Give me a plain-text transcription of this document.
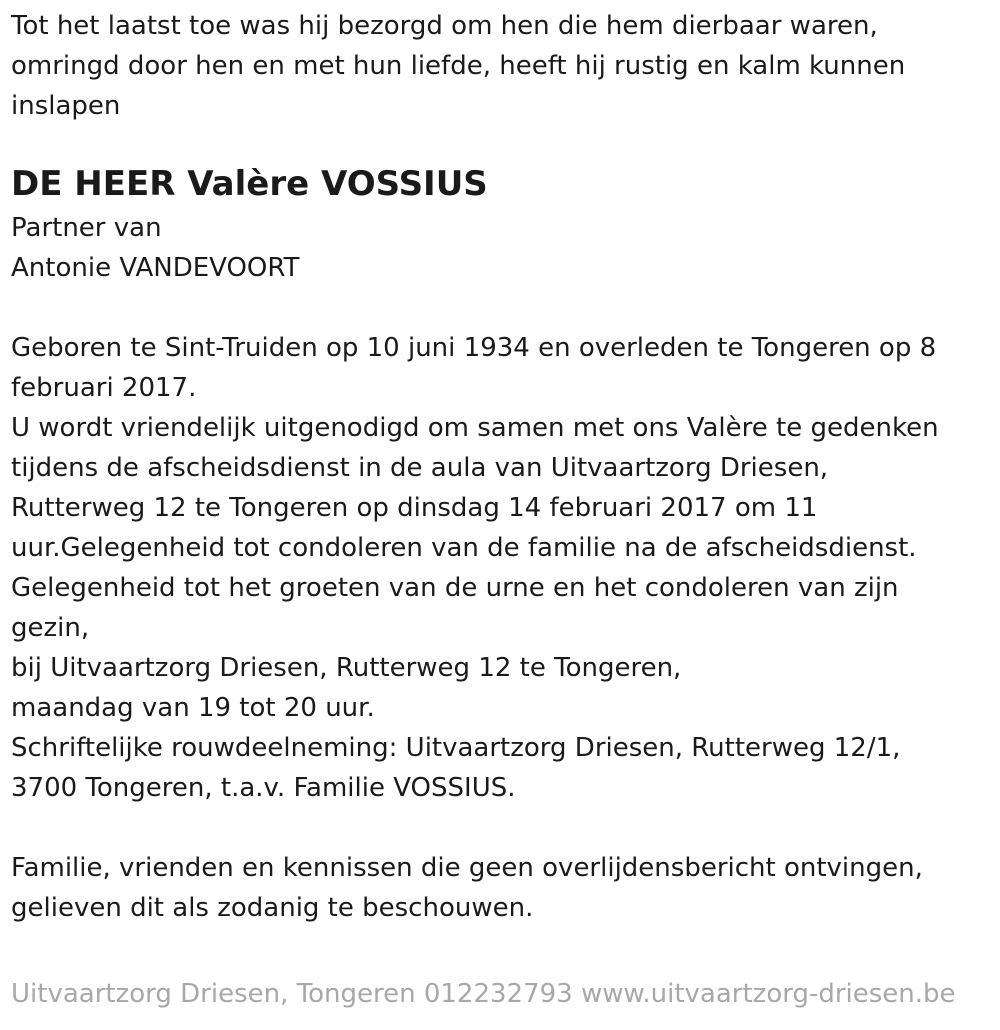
Tot het laatst toe was hij bezorgd om hen die hem dierbaar waren,
omringd door hen en met hun liefde, heeft hij rustig en kalm kunnen
inslapen
DE HEER Valère VOSSIUS
Partner van
Antonie VANDEVOORT
Geboren te Sint-Truiden op 10 juni 1934 en overleden te Tongeren op 8
februari 2017.
U wordt vriendelijk uitgenodigd om samen met ons Valère te gedenken
tijdens de afscheidsdienst in de aula van Uitvaartzorg Driesen,
Rutterweg 12 te Tongeren op dinsdag 14 februari 2017 om 11
uur.Gelegenheid tot condoleren van de familie na de afscheidsdienst.
Gelegenheid tot het groeten van de urne en het condoleren van zijn
gezin,
bij Uitvaartzorg Driesen, Rutterweg 12 te Tongeren,
maandag van 19 tot 20 uur.
Schriftelijke rouwdeelneming: Uitvaartzorg Driesen, Rutterweg 12/1,
3700 Tongeren, t.a.v. Familie VOSSIUS.
Familie, vrienden en kennissen die geen overlijdensbericht ontvingen,
gelieven dit als zodanig te beschouwen.
Uitvaartzorg Driesen, Tongeren 012232793 www.uitvaartzorg-driesen.be
